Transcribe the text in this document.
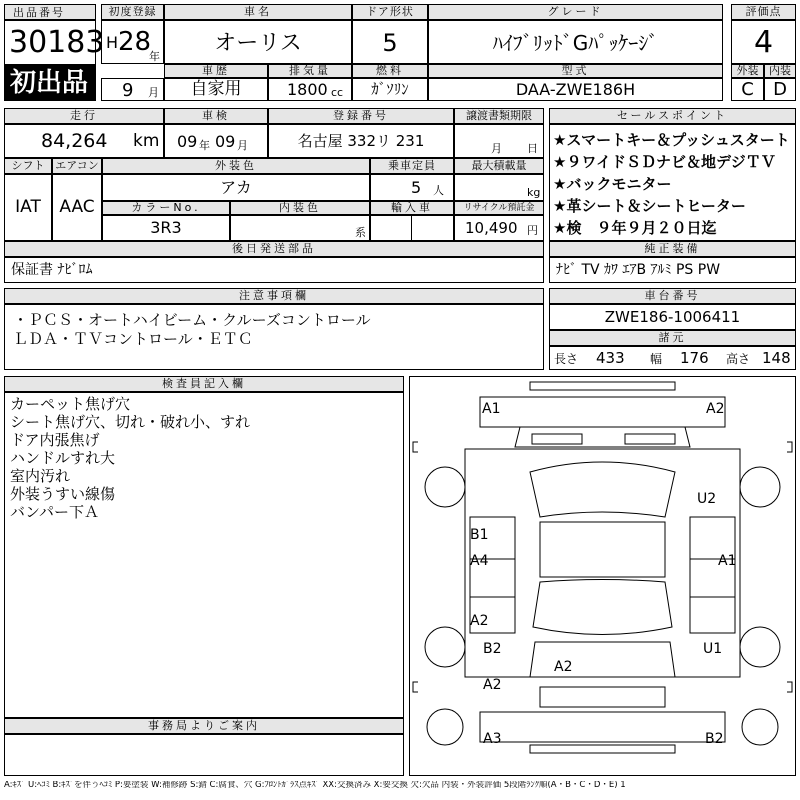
出品番号
30183
初出品
初度登録
H 28
年
9 月
車名
オーリス
ドア形状
5
グレード
ﾊｲﾌﾞﾘｯﾄﾞGﾊﾟｯｹｰｼﾞ
評価点
4
車歴
自家用
排気量
1800 cc
燃料
ｶﾞｿﾘﾝ
型式
DAA-ZWE186H
外装 内装
C	D
走行
84,264 km
車検
09 年 09 月
登録番号
名古屋 332リ 231
譲渡書類期限
月 日
シフト エアコン
IAT	AAC
外装色
アカ
乗車定員
5 人
最大積載量
kg
カラーNo.
3R3
内装色
系
輸入車	リサイクル預託金
10,490 円
後日発送部品
保証書 ﾅﾋﾞﾛﾑ
セールスポイント
★スマートキー＆プッシュスタート
★９ワイドＳＤナビ＆地デジＴＶ
★バックモニター
★革シート＆シートヒーター
★検　９年９月２０日迄
純正装備
ﾅﾋﾞ TV ｶﾜ ｴｱB ｱﾙﾐ PS PW
注意事項欄
・ＰＣＳ・オートハイビーム・クルーズコントロール
ＬＤＡ・ＴＶコントロール・ＥＴＣ
車台番号
ZWE186-1006411
諸元
長さ 433 幅 176 高さ 148
検査員記入欄
カーペット焦げ穴
シート焦げ穴、切れ・破れ小、すれ
ドア内張焦げ
ハンドルすれ大
室内汚れ
外装うすい線傷
バンパー下Ａ
事務局よりご案内
A1	A2
U2
B1
A4	A1
A2
B2	U1
A2
A2
A3	B2
A:ｷｽﾞ U:ﾍｺﾐ B:ｷｽﾞを伴うﾍｺﾐ P:要塗装 W:補修跡 S:錆 C:腐食、穴 G:ﾌﾛﾝﾄｶﾞﾗｽ点ｷｽﾞ XX:交換済み X:要交換 欠:欠品 内装・外装評価 5段階ﾗﾝｸ順(A・B・C・D・E) 1
